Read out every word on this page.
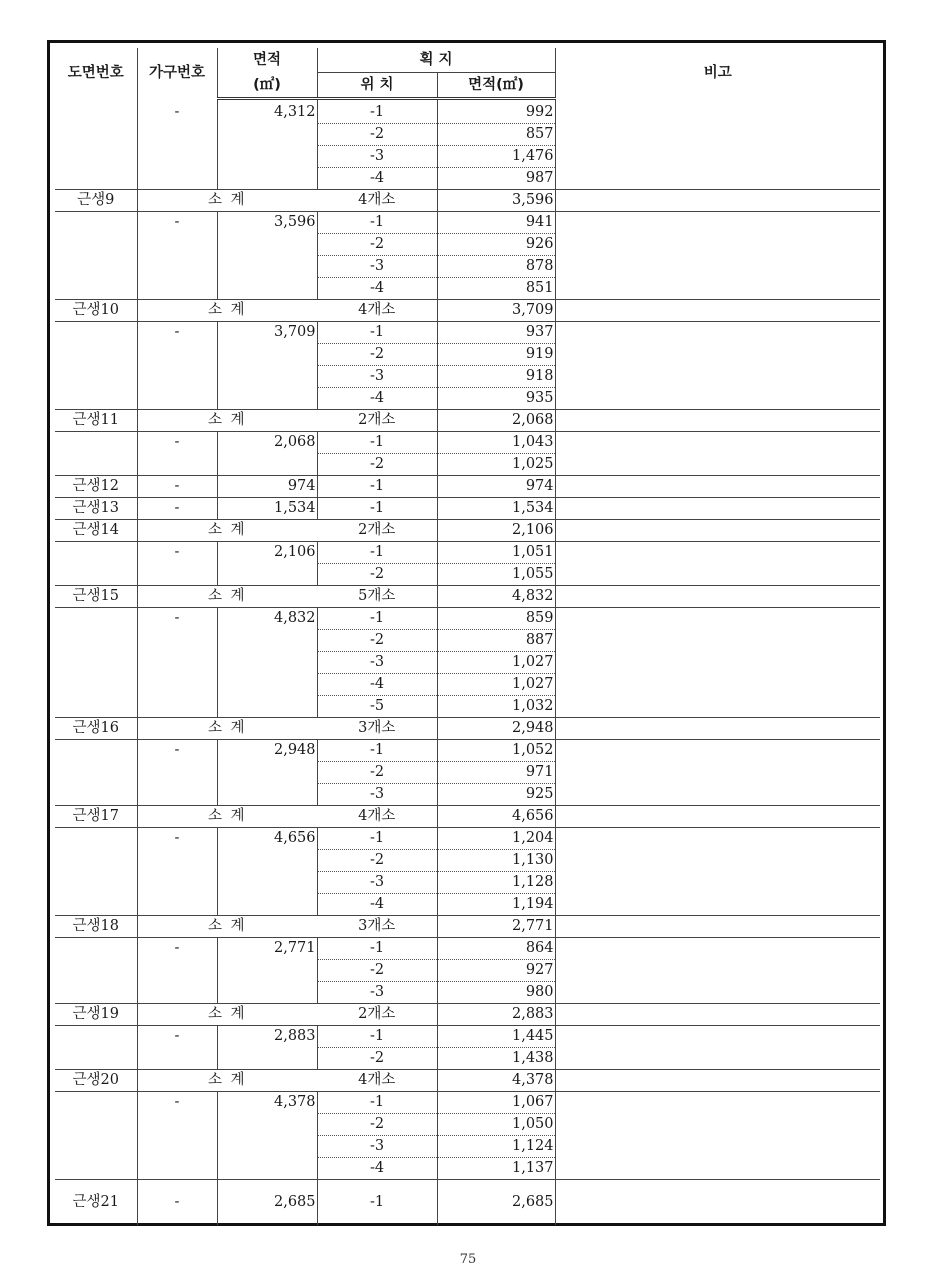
도면번호	가구번호	면적	획 지		비고
		(㎡)	위 치	면적(㎡)	
	-	4,312	-1	992	
			-2	857	
			-3	1,476	
			-4	987	
근생9	소 계		4개소	3,596	
	-	3,596	-1	941	
			-2	926	
			-3	878	
			-4	851	
근생10	소 계		4개소	3,709	
	-	3,709	-1	937	
			-2	919	
			-3	918	
			-4	935	
근생11	소 계		2개소	2,068	
	-	2,068	-1	1,043	
			-2	1,025	
근생12	-	974	-1	974	
근생13	-	1,534	-1	1,534	
근생14	소 계		2개소	2,106	
	-	2,106	-1	1,051	
			-2	1,055	
근생15	소 계		5개소	4,832	
	-	4,832	-1	859	
			-2	887	
			-3	1,027	
			-4	1,027	
			-5	1,032	
근생16	소 계		3개소	2,948	
	-	2,948	-1	1,052	
			-2	971	
			-3	925	
근생17	소 계		4개소	4,656	
	-	4,656	-1	1,204	
			-2	1,130	
			-3	1,128	
			-4	1,194	
근생18	소 계		3개소	2,771	
	-	2,771	-1	864	
			-2	927	
			-3	980	
근생19	소 계		2개소	2,883	
	-	2,883	-1	1,445	
			-2	1,438	
근생20	소 계		4개소	4,378	
	-	4,378	-1	1,067	
			-2	1,050	
			-3	1,124	
			-4	1,137	
근생21	-	2,685	-1	2,685	
75
